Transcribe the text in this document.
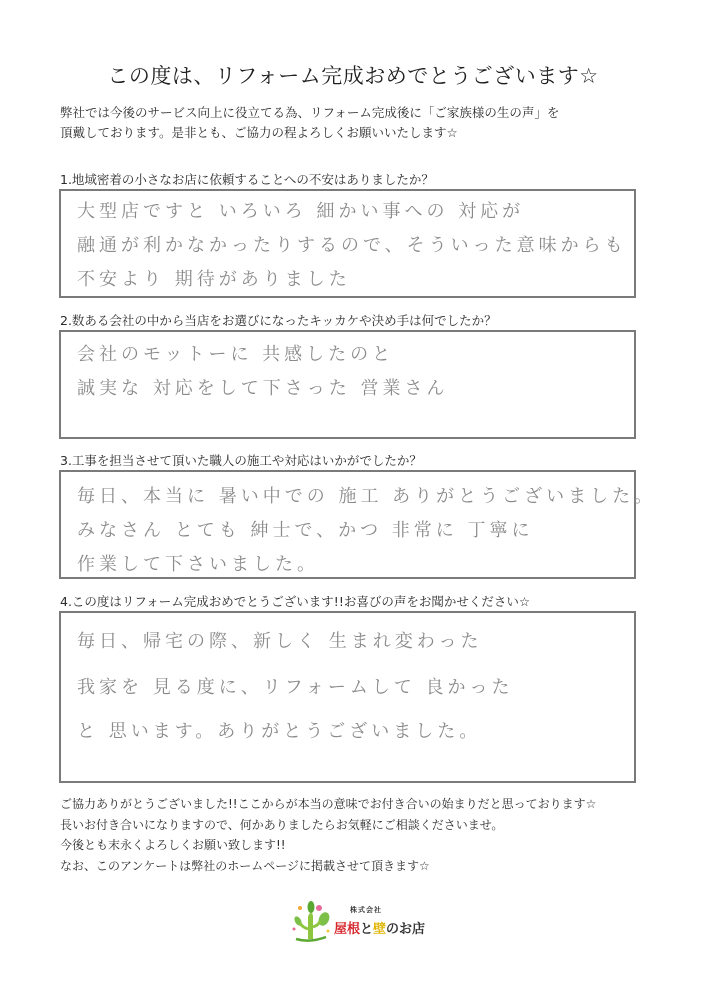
この度は、リフォーム完成おめでとうございます☆
弊社では今後のサービス向上に役立てる為、リフォーム完成後に「ご家族様の生の声」を
頂戴しております。是非とも、ご協力の程よろしくお願いいたします☆
1.地域密着の小さなお店に依頼することへの不安はありましたか？
大型店ですと いろいろ 細かい事への 対応が
融通が利かなかったりするので、そういった意味からも
不安より 期待がありました
2.数ある会社の中から当店をお選びになったキッカケや決め手は何でしたか？
会社のモットーに 共感したのと
誠実な 対応をして下さった 営業さん
3.工事を担当させて頂いた職人の施工や対応はいかがでしたか？
毎日、本当に 暑い中での 施工 ありがとうございました。
みなさん とても 紳士で、かつ 非常に 丁寧に
作業して下さいました。
4.この度はリフォーム完成おめでとうございます!!お喜びの声をお聞かせください☆
毎日、帰宅の際、新しく 生まれ変わった
我家を 見る度に、リフォームして 良かった
と 思います。ありがとうございました。
ご協力ありがとうございました!!ここからが本当の意味でお付き合いの始まりだと思っております☆
長いお付き合いになりますので、何かありましたらお気軽にご相談くださいませ。
今後とも末永くよろしくお願い致します!!
なお、このアンケートは弊社のホームページに掲載させて頂きます☆
株式会社
屋根と壁のお店
